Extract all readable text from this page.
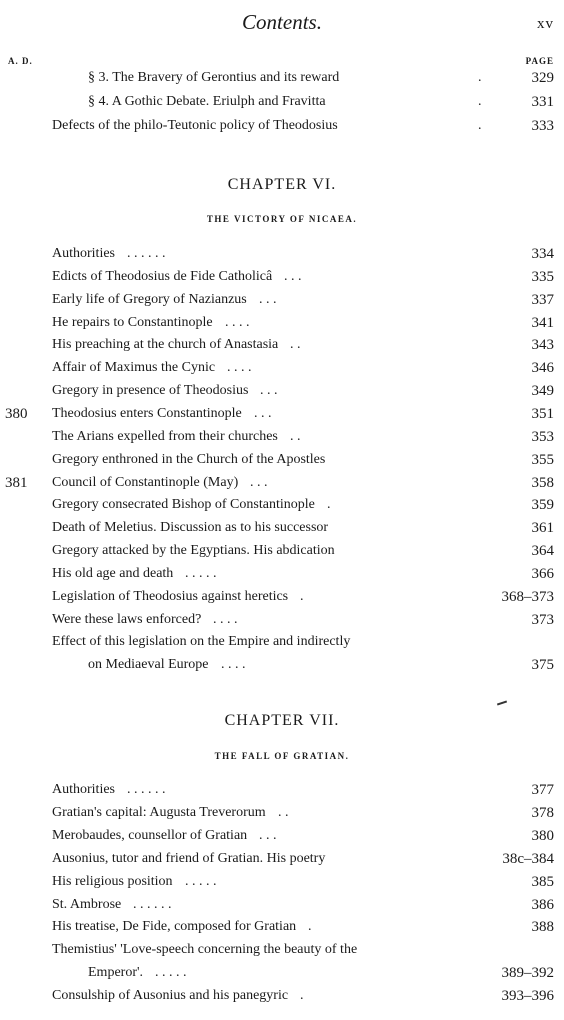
Contents.	xv
A. D.	PAGE
§ 3. The Bravery of Gerontius and its reward	.	329
§ 4. A Gothic Debate. Eriulph and Fravitta	.	331
Defects of the philo-Teutonic policy of Theodosius	.	333
CHAPTER VI.
THE VICTORY OF NICAEA.
Authorities . . . . . .	334
Edicts of Theodosius de Fide Catholicâ . . .	335
Early life of Gregory of Nazianzus . . .	337
He repairs to Constantinople . . . .	341
His preaching at the church of Anastasia . .	343
Affair of Maximus the Cynic . . . .	346
Gregory in presence of Theodosius . . .	349
380 Theodosius enters Constantinople . . .	351
The Arians expelled from their churches . .	353
Gregory enthroned in the Church of the Apostles	355
381 Council of Constantinople (May) . . .	358
Gregory consecrated Bishop of Constantinople .	359
Death of Meletius. Discussion as to his successor	361
Gregory attacked by the Egyptians. His abdication	364
His old age and death . . . . .	366
Legislation of Theodosius against heretics .	368–373
Were these laws enforced? . . . .	373
Effect of this legislation on the Empire and indirectly
on Mediaeval Europe . . . .	375
CHAPTER VII.
THE FALL OF GRATIAN.
Authorities . . . . . .	377
Gratian's capital: Augusta Treverorum . .	378
Merobaudes, counsellor of Gratian . . .	380
Ausonius, tutor and friend of Gratian. His poetry	38c–384
His religious position . . . . .	385
St. Ambrose . . . . . .	386
His treatise, De Fide, composed for Gratian .	388
Themistius' 'Love-speech concerning the beauty of the
Emperor'. . . . . .	389–392
Consulship of Ausonius and his panegyric .	393–396
